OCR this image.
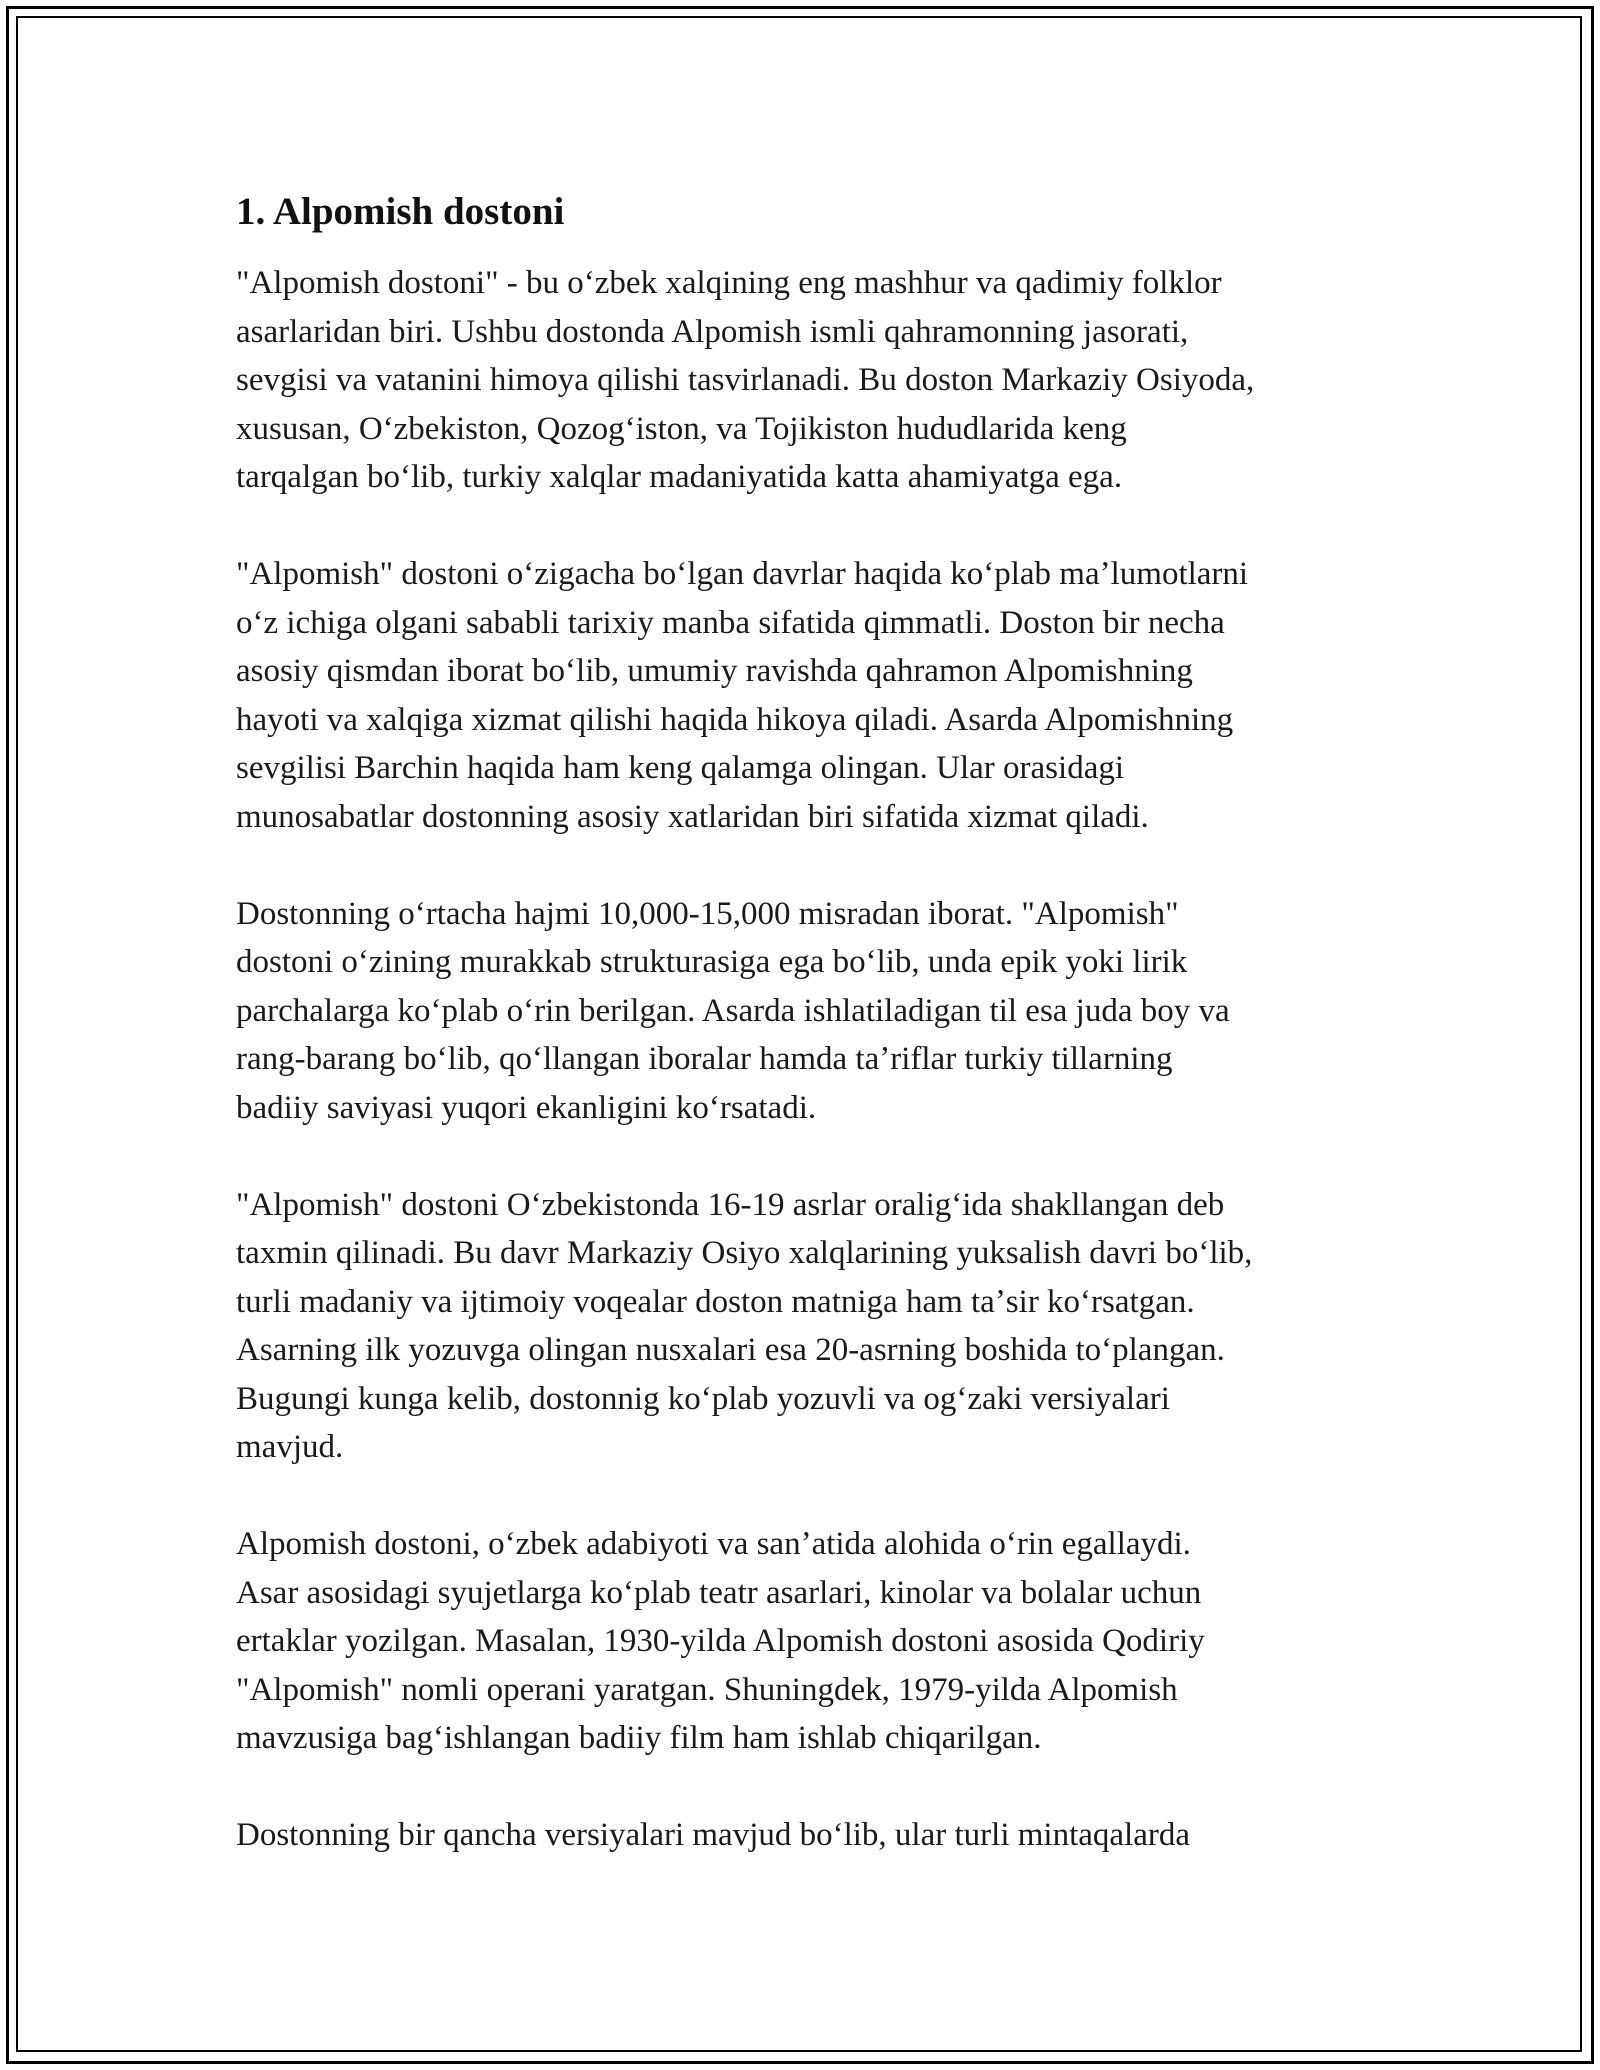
1. Alpomish dostoni
"Alpomish dostoni" - bu oʻzbek xalqining eng mashhur va qadimiy folklor
asarlaridan biri. Ushbu dostonda Alpomish ismli qahramonning jasorati,
sevgisi va vatanini himoya qilishi tasvirlanadi. Bu doston Markaziy Osiyoda,
xususan, Oʻzbekiston, Qozogʻiston, va Tojikiston hududlarida keng
tarqalgan boʻlib, turkiy xalqlar madaniyatida katta ahamiyatga ega.
"Alpomish" dostoni oʻzigacha boʻlgan davrlar haqida koʻplab maʼlumotlarni
oʻz ichiga olgani sababli tarixiy manba sifatida qimmatli. Doston bir necha
asosiy qismdan iborat boʻlib, umumiy ravishda qahramon Alpomishning
hayoti va xalqiga xizmat qilishi haqida hikoya qiladi. Asarda Alpomishning
sevgilisi Barchin haqida ham keng qalamga olingan. Ular orasidagi
munosabatlar dostonning asosiy xatlaridan biri sifatida xizmat qiladi.
Dostonning oʻrtacha hajmi 10,000-15,000 misradan iborat. "Alpomish"
dostoni oʻzining murakkab strukturasiga ega boʻlib, unda epik yoki lirik
parchalarga koʻplab oʻrin berilgan. Asarda ishlatiladigan til esa juda boy va
rang-barang boʻlib, qoʻllangan iboralar hamda taʼriflar turkiy tillarning
badiiy saviyasi yuqori ekanligini koʻrsatadi.
"Alpomish" dostoni Oʻzbekistonda 16-19 asrlar oraligʻida shakllangan deb
taxmin qilinadi. Bu davr Markaziy Osiyo xalqlarining yuksalish davri boʻlib,
turli madaniy va ijtimoiy voqealar doston matniga ham taʼsir koʻrsatgan.
Asarning ilk yozuvga olingan nusxalari esa 20-asrning boshida toʻplangan.
Bugungi kunga kelib, dostonnig koʻplab yozuvli va ogʻzaki versiyalari
mavjud.
Alpomish dostoni, oʻzbek adabiyoti va sanʼatida alohida oʻrin egallaydi.
Asar asosidagi syujetlarga koʻplab teatr asarlari, kinolar va bolalar uchun
ertaklar yozilgan. Masalan, 1930-yilda Alpomish dostoni asosida Qodiriy
"Alpomish" nomli operani yaratgan. Shuningdek, 1979-yilda Alpomish
mavzusiga bagʻishlangan badiiy film ham ishlab chiqarilgan.
Dostonning bir qancha versiyalari mavjud boʻlib, ular turli mintaqalarda
